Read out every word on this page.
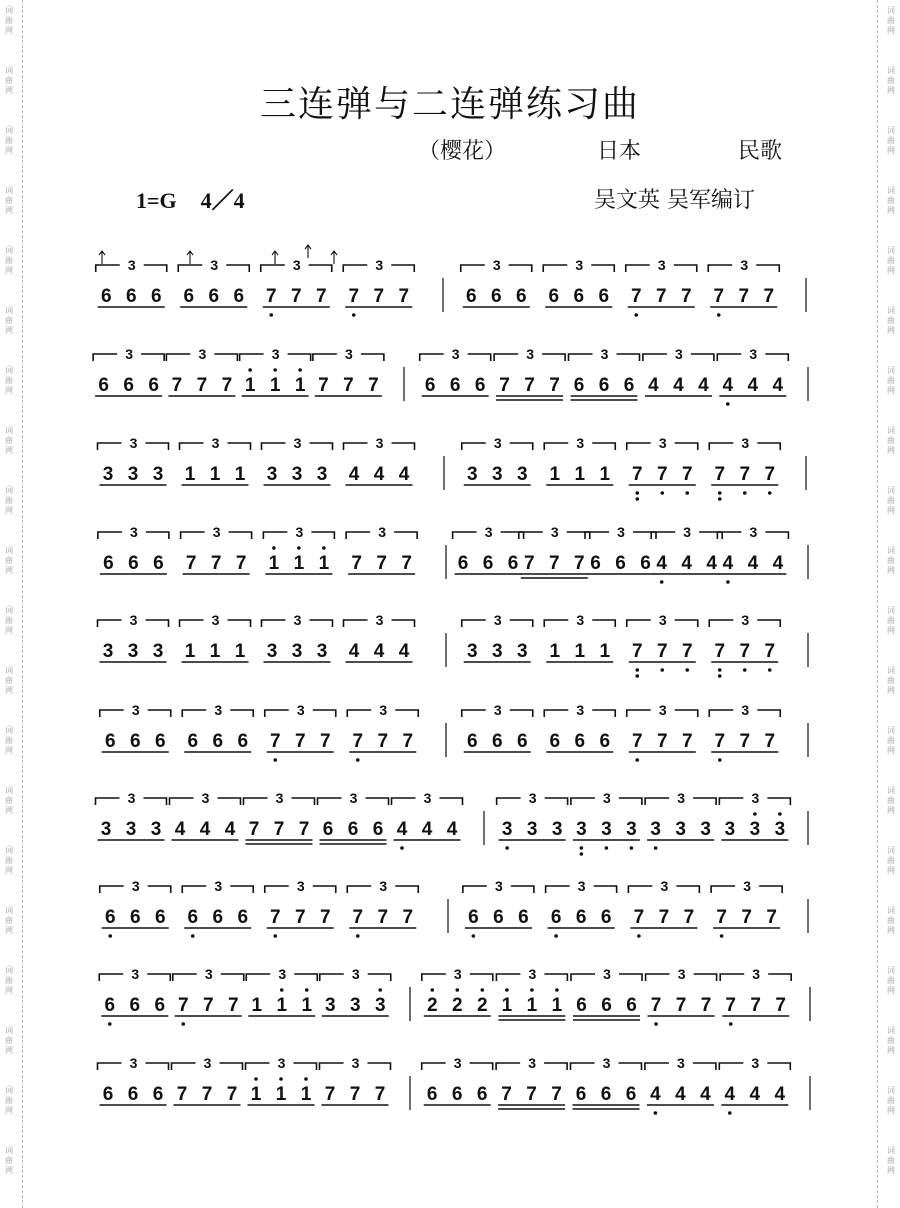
词
曲
网
词
曲
网
词
曲
网
词
曲
网
词
曲
网
词
曲
网
词
曲
网
词
曲
网
词
曲
网
词
曲
网
词
曲
网
词
曲
网
词
曲
网
词
曲
网
词
曲
网
词
曲
网
词
曲
网
词
曲
网
词
曲
网
词
曲
网
词
曲
网
词
曲
网
词
曲
网
词
曲
网
词
曲
网
词
曲
网
词
曲
网
词
曲
网
词
曲
网
词
曲
网
词
曲
网
词
曲
网
词
曲
网
词
曲
网
词
曲
网
词
曲
网
词
曲
网
词
曲
网
词
曲
网
词
曲
网
三连弹与二连弹练习曲
（樱花）	日本	民歌
1=G 4／4	吴文英 吴军编订
3
6 6 6
3
6 6 6
3
7 7 7
3
7 7 7
3
6 6 6
3
6 6 6
3
7 7 7
3
7 7 7
3
6 6 6
3
7 7 7
3
1 1 1
3
7 7 7
3
6 6 6
3
7 7 7
3
6 6 6
3
4 4 4
3
4 4 4
3
3 3 3
3
1 1 1
3
3 3 3
3
4 4 4
3
3 3 3
3
1 1 1
3
7 7 7
3
7 7 7
3
6 6 6
3
7 7 7
3
1 1 1
3
7 7 7
3
6 6 6
3
7 7 7
3
6 6 6
3
4 4 4
3
4 4 4
3
3 3 3
3
1 1 1
3
3 3 3
3
4 4 4
3
3 3 3
3
1 1 1
3
7 7 7
3
7 7 7
3
6 6 6
3
6 6 6
3
7 7 7
3
7 7 7
3
6 6 6
3
6 6 6
3
7 7 7
3
7 7 7
3
3 3 3
3
4 4 4
3
7 7 7
3
6 6 6
3
4 4 4
3
3 3 3
3
3 3 3
3
3 3 3
3
3 3 3
3
6 6 6
3
6 6 6
3
7 7 7
3
7 7 7
3
6 6 6
3
6 6 6
3
7 7 7
3
7 7 7
3
6 6 6
3
7 7 7
3
1 1 1
3
3 3 3
3
2 2 2
3
1 1 1
3
6 6 6
3
7 7 7
3
7 7 7
3
6 6 6
3
7 7 7
3
1 1 1
3
7 7 7
3
6 6 6
3
7 7 7
3
6 6 6
3
4 4 4
3
4 4 4
